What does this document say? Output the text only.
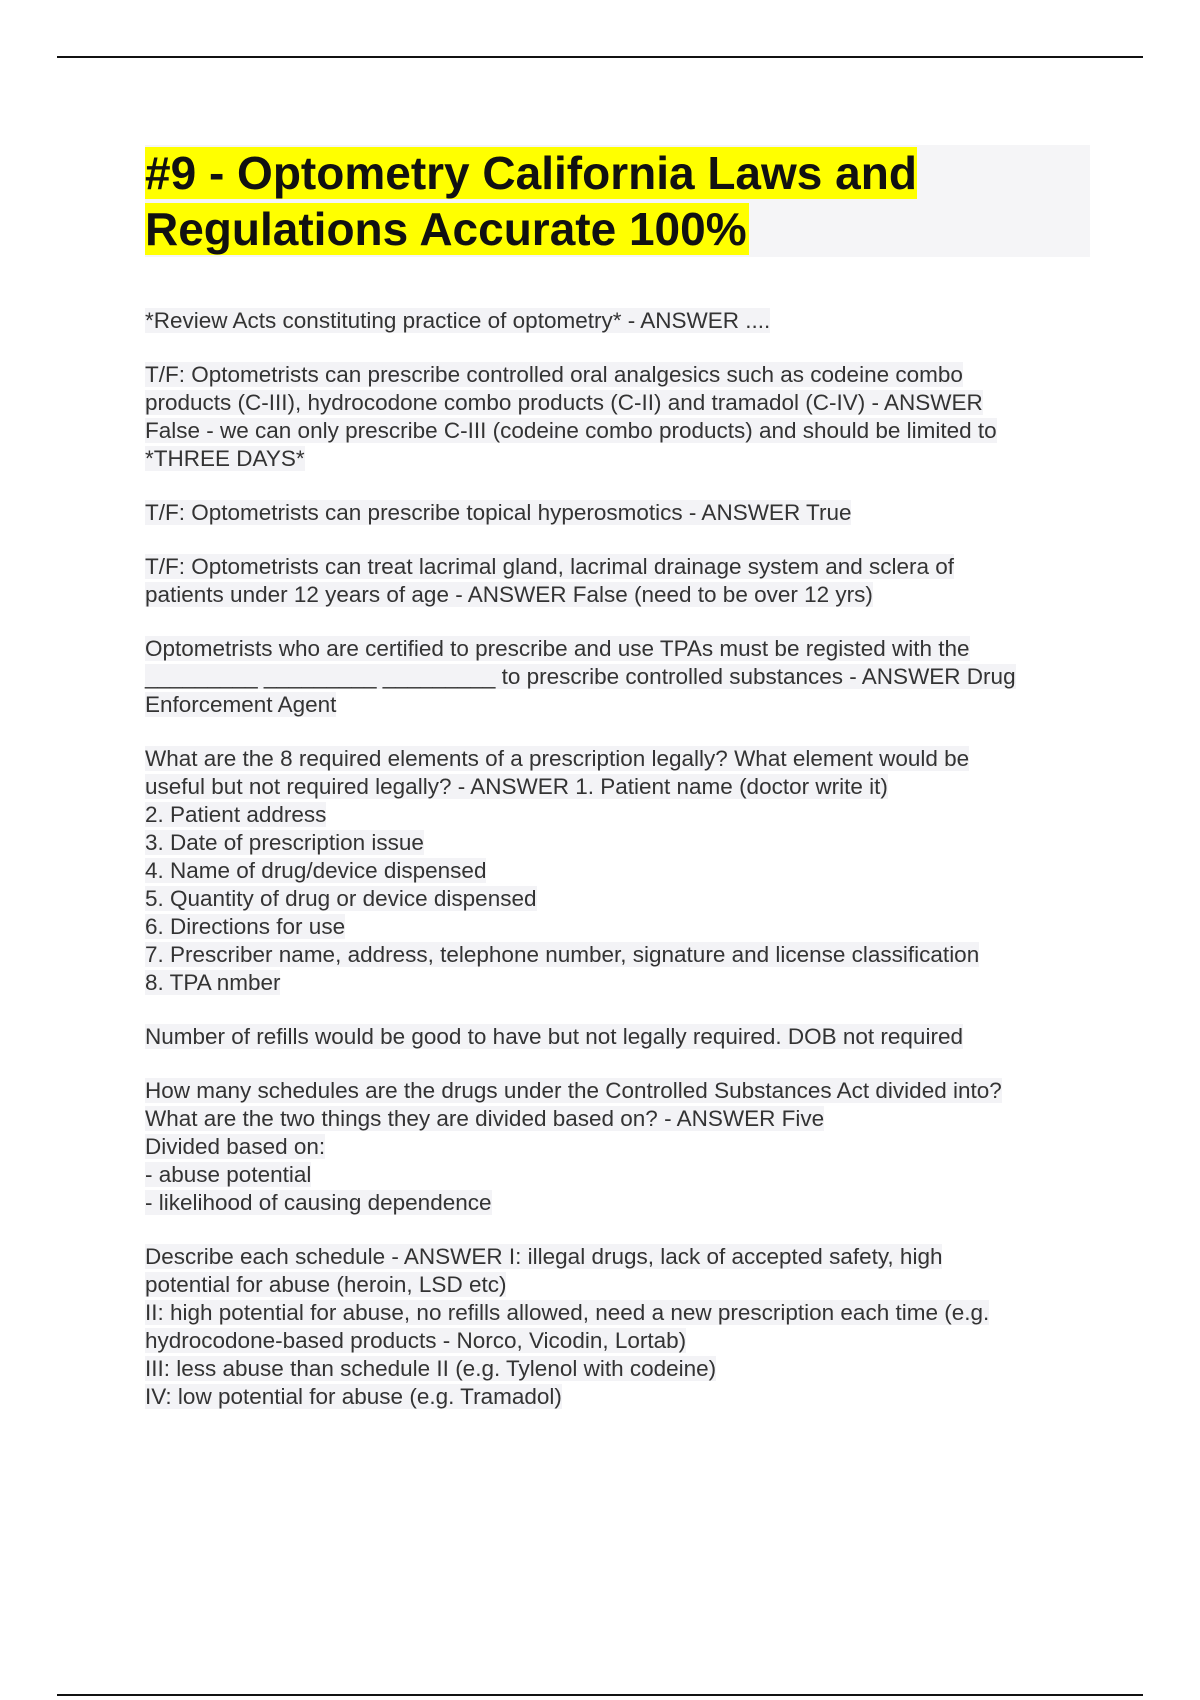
#9 - Optometry California Laws and Regulations Accurate 100%
*Review Acts constituting practice of optometry* - ANSWER ....
T/F: Optometrists can prescribe controlled oral analgesics such as codeine combo
products (C-III), hydrocodone combo products (C-II) and tramadol (C-IV) - ANSWER
False - we can only prescribe C-III (codeine combo products) and should be limited to
*THREE DAYS*
T/F: Optometrists can prescribe topical hyperosmotics - ANSWER True
T/F: Optometrists can treat lacrimal gland, lacrimal drainage system and sclera of
patients under 12 years of age - ANSWER False (need to be over 12 yrs)
Optometrists who are certified to prescribe and use TPAs must be registed with the
_________ _________ _________ to prescribe controlled substances - ANSWER Drug
Enforcement Agent
What are the 8 required elements of a prescription legally? What element would be
useful but not required legally? - ANSWER 1. Patient name (doctor write it)
2. Patient address
3. Date of prescription issue
4. Name of drug/device dispensed
5. Quantity of drug or device dispensed
6. Directions for use
7. Prescriber name, address, telephone number, signature and license classification
8. TPA nmber
Number of refills would be good to have but not legally required. DOB not required
How many schedules are the drugs under the Controlled Substances Act divided into?
What are the two things they are divided based on? - ANSWER Five
Divided based on:
- abuse potential
- likelihood of causing dependence
Describe each schedule - ANSWER I: illegal drugs, lack of accepted safety, high
potential for abuse (heroin, LSD etc)
II: high potential for abuse, no refills allowed, need a new prescription each time (e.g.
hydrocodone-based products - Norco, Vicodin, Lortab)
III: less abuse than schedule II (e.g. Tylenol with codeine)
IV: low potential for abuse (e.g. Tramadol)
